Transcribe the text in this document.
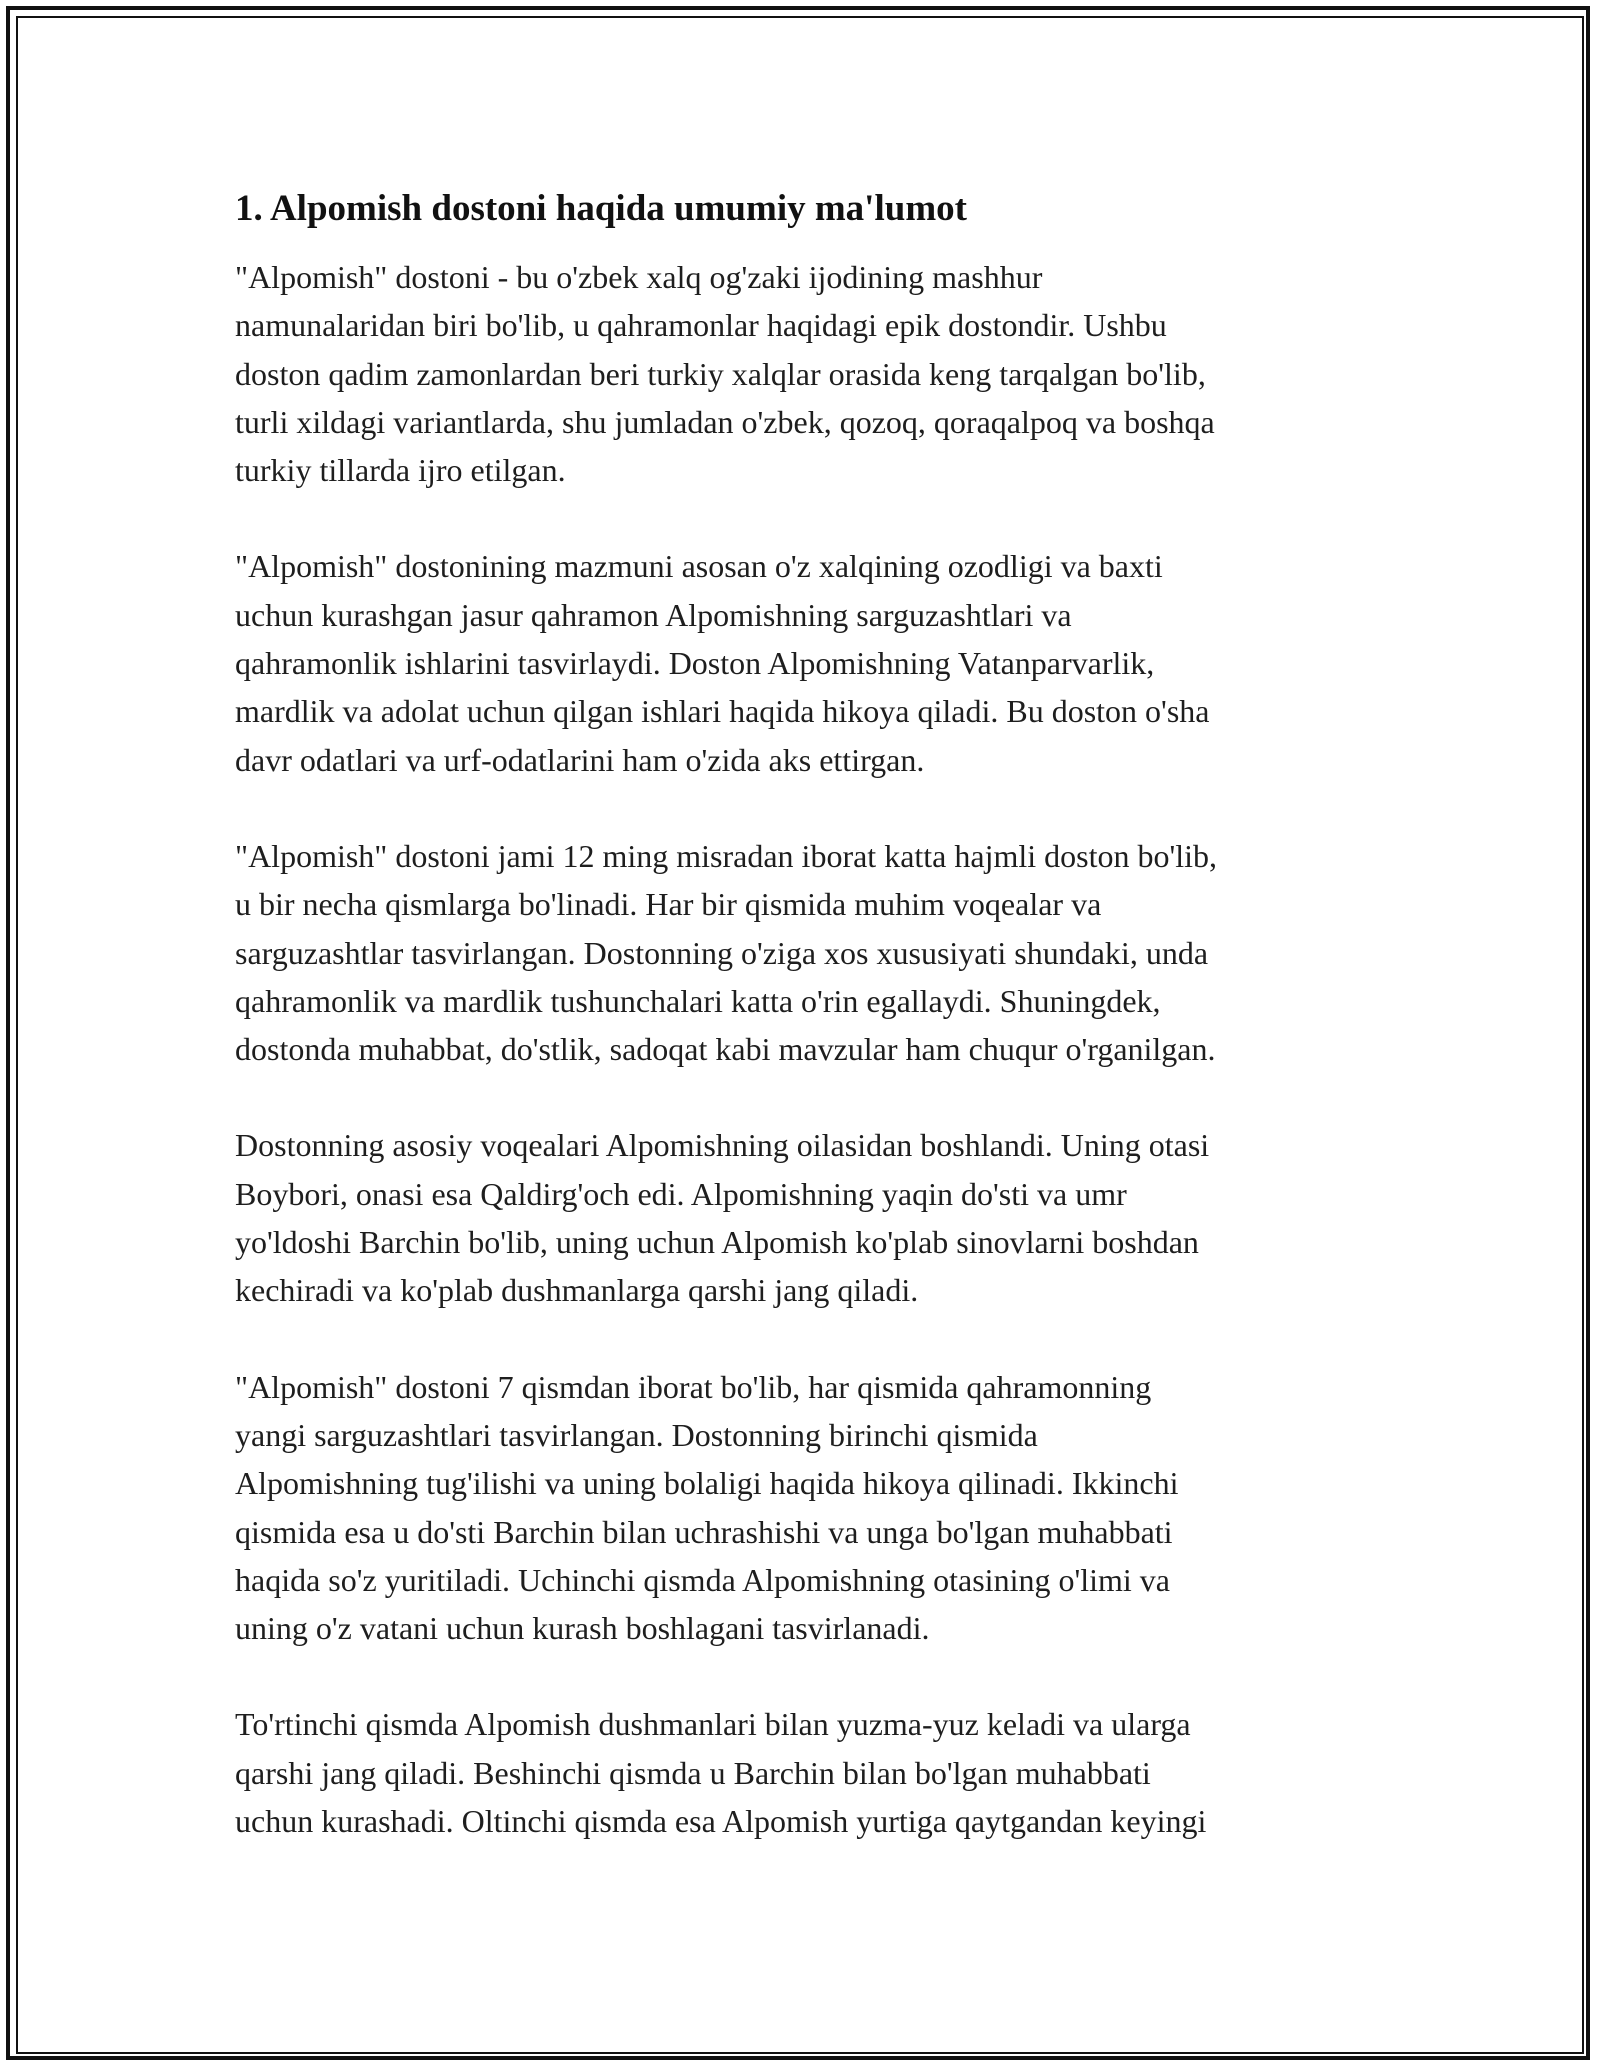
1. Alpomish dostoni haqida umumiy ma'lumot

"Alpomish" dostoni - bu o'zbek xalq og'zaki ijodining mashhur
namunalaridan biri bo'lib, u qahramonlar haqidagi epik dostondir. Ushbu
doston qadim zamonlardan beri turkiy xalqlar orasida keng tarqalgan bo'lib,
turli xildagi variantlarda, shu jumladan o'zbek, qozoq, qoraqalpoq va boshqa
turkiy tillarda ijro etilgan.

"Alpomish" dostonining mazmuni asosan o'z xalqining ozodligi va baxti
uchun kurashgan jasur qahramon Alpomishning sarguzashtlari va
qahramonlik ishlarini tasvirlaydi. Doston Alpomishning Vatanparvarlik,
mardlik va adolat uchun qilgan ishlari haqida hikoya qiladi. Bu doston o'sha
davr odatlari va urf-odatlarini ham o'zida aks ettirgan.

"Alpomish" dostoni jami 12 ming misradan iborat katta hajmli doston bo'lib,
u bir necha qismlarga bo'linadi. Har bir qismida muhim voqealar va
sarguzashtlar tasvirlangan. Dostonning o'ziga xos xususiyati shundaki, unda
qahramonlik va mardlik tushunchalari katta o'rin egallaydi. Shuningdek,
dostonda muhabbat, do'stlik, sadoqat kabi mavzular ham chuqur o'rganilgan.

Dostonning asosiy voqealari Alpomishning oilasidan boshlandi. Uning otasi
Boybori, onasi esa Qaldirg'och edi. Alpomishning yaqin do'sti va umr
yo'ldoshi Barchin bo'lib, uning uchun Alpomish ko'plab sinovlarni boshdan
kechiradi va ko'plab dushmanlarga qarshi jang qiladi.

"Alpomish" dostoni 7 qismdan iborat bo'lib, har qismida qahramonning
yangi sarguzashtlari tasvirlangan. Dostonning birinchi qismida
Alpomishning tug'ilishi va uning bolaligi haqida hikoya qilinadi. Ikkinchi
qismida esa u do'sti Barchin bilan uchrashishi va unga bo'lgan muhabbati
haqida so'z yuritiladi. Uchinchi qismda Alpomishning otasining o'limi va
uning o'z vatani uchun kurash boshlagani tasvirlanadi.

To'rtinchi qismda Alpomish dushmanlari bilan yuzma-yuz keladi va ularga
qarshi jang qiladi. Beshinchi qismda u Barchin bilan bo'lgan muhabbati
uchun kurashadi. Oltinchi qismda esa Alpomish yurtiga qaytgandan keyingi
